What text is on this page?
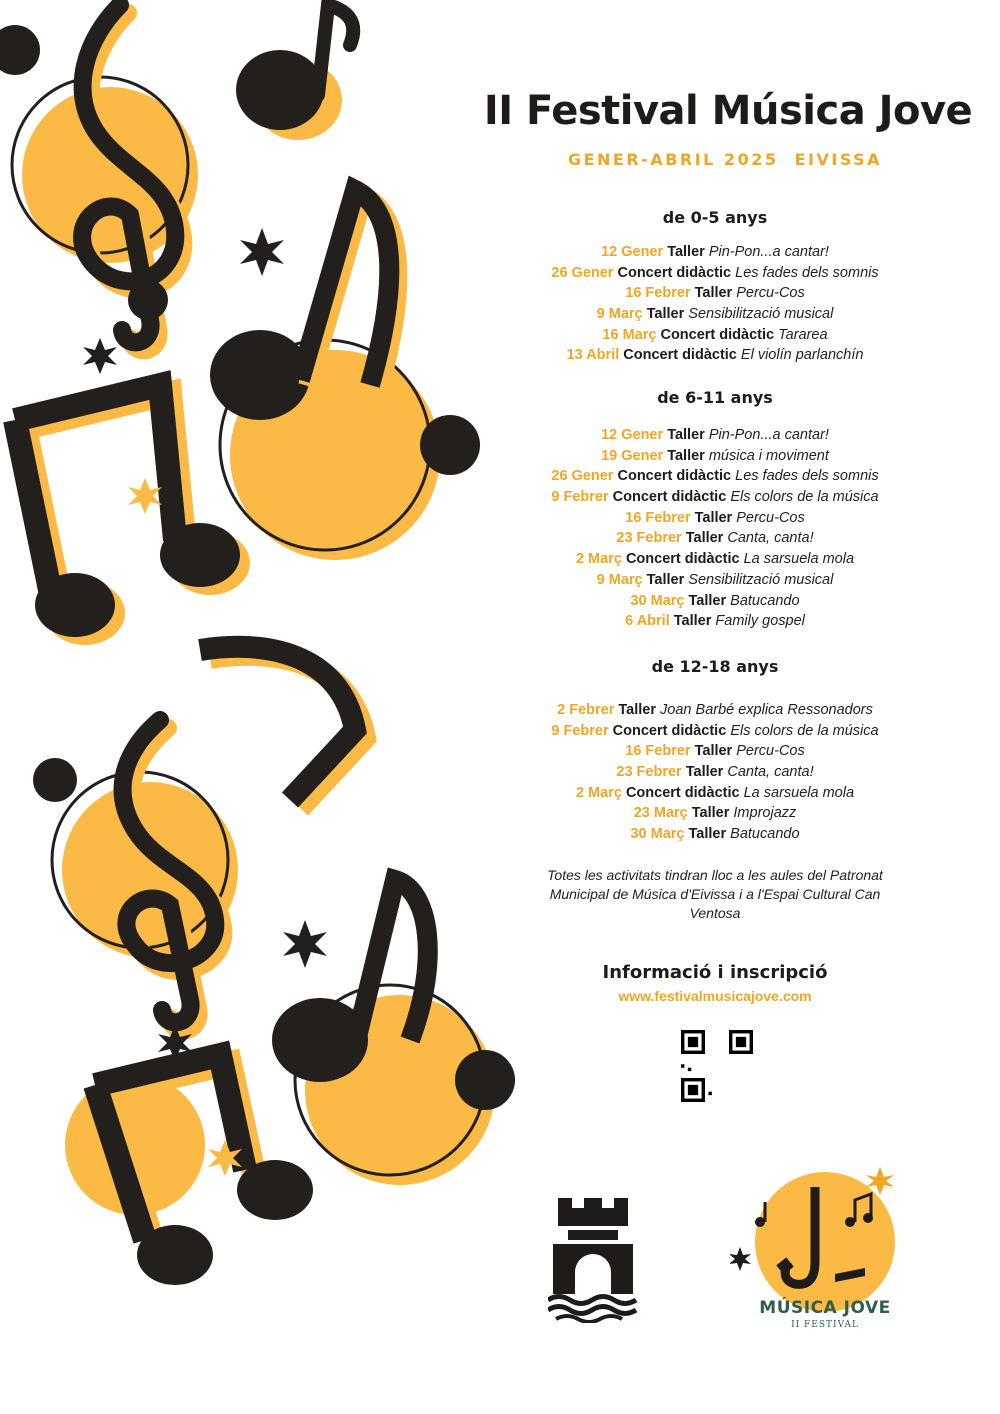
II Festival Música Jove
GENER-ABRIL 2025  EIVISSA
de 0-5 anys
12 Gener Taller Pin-Pon...a cantar!
26 Gener Concert didàctic Les fades dels somnis
16 Febrer Taller Percu-Cos
9 Març Taller Sensibilització musical
16 Març Concert didàctic Tararea
13 Abril Concert didàctic El violín parlanchín
de 6-11 anys
12 Gener Taller Pin-Pon...a cantar!
19 Gener Taller música i moviment
26 Gener Concert didàctic Les fades dels somnis
9 Febrer Concert didàctic Els colors de la música
16 Febrer Taller Percu-Cos
23 Febrer Taller Canta, canta!
2 Març Concert didàctic La sarsuela mola
9 Març Taller Sensibilització musical
30 Març Taller Batucando
6 Abril Taller Family gospel
de 12-18 anys
2 Febrer Taller Joan Barbé explica Ressonadors
9 Febrer Concert didàctic Els colors de la música
16 Febrer Taller Percu-Cos
23 Febrer Taller Canta, canta!
2 Març Concert didàctic La sarsuela mola
23 Març Taller Improjazz
30 Març Taller Batucando
Totes les activitats tindran lloc a les aules del Patronat Municipal de Música d'Eivissa i a l'Espai Cultural Can Ventosa
Informació i inscripció
www.festivalmusicajove.com
MÚSICA JOVE
II FESTIVAL
